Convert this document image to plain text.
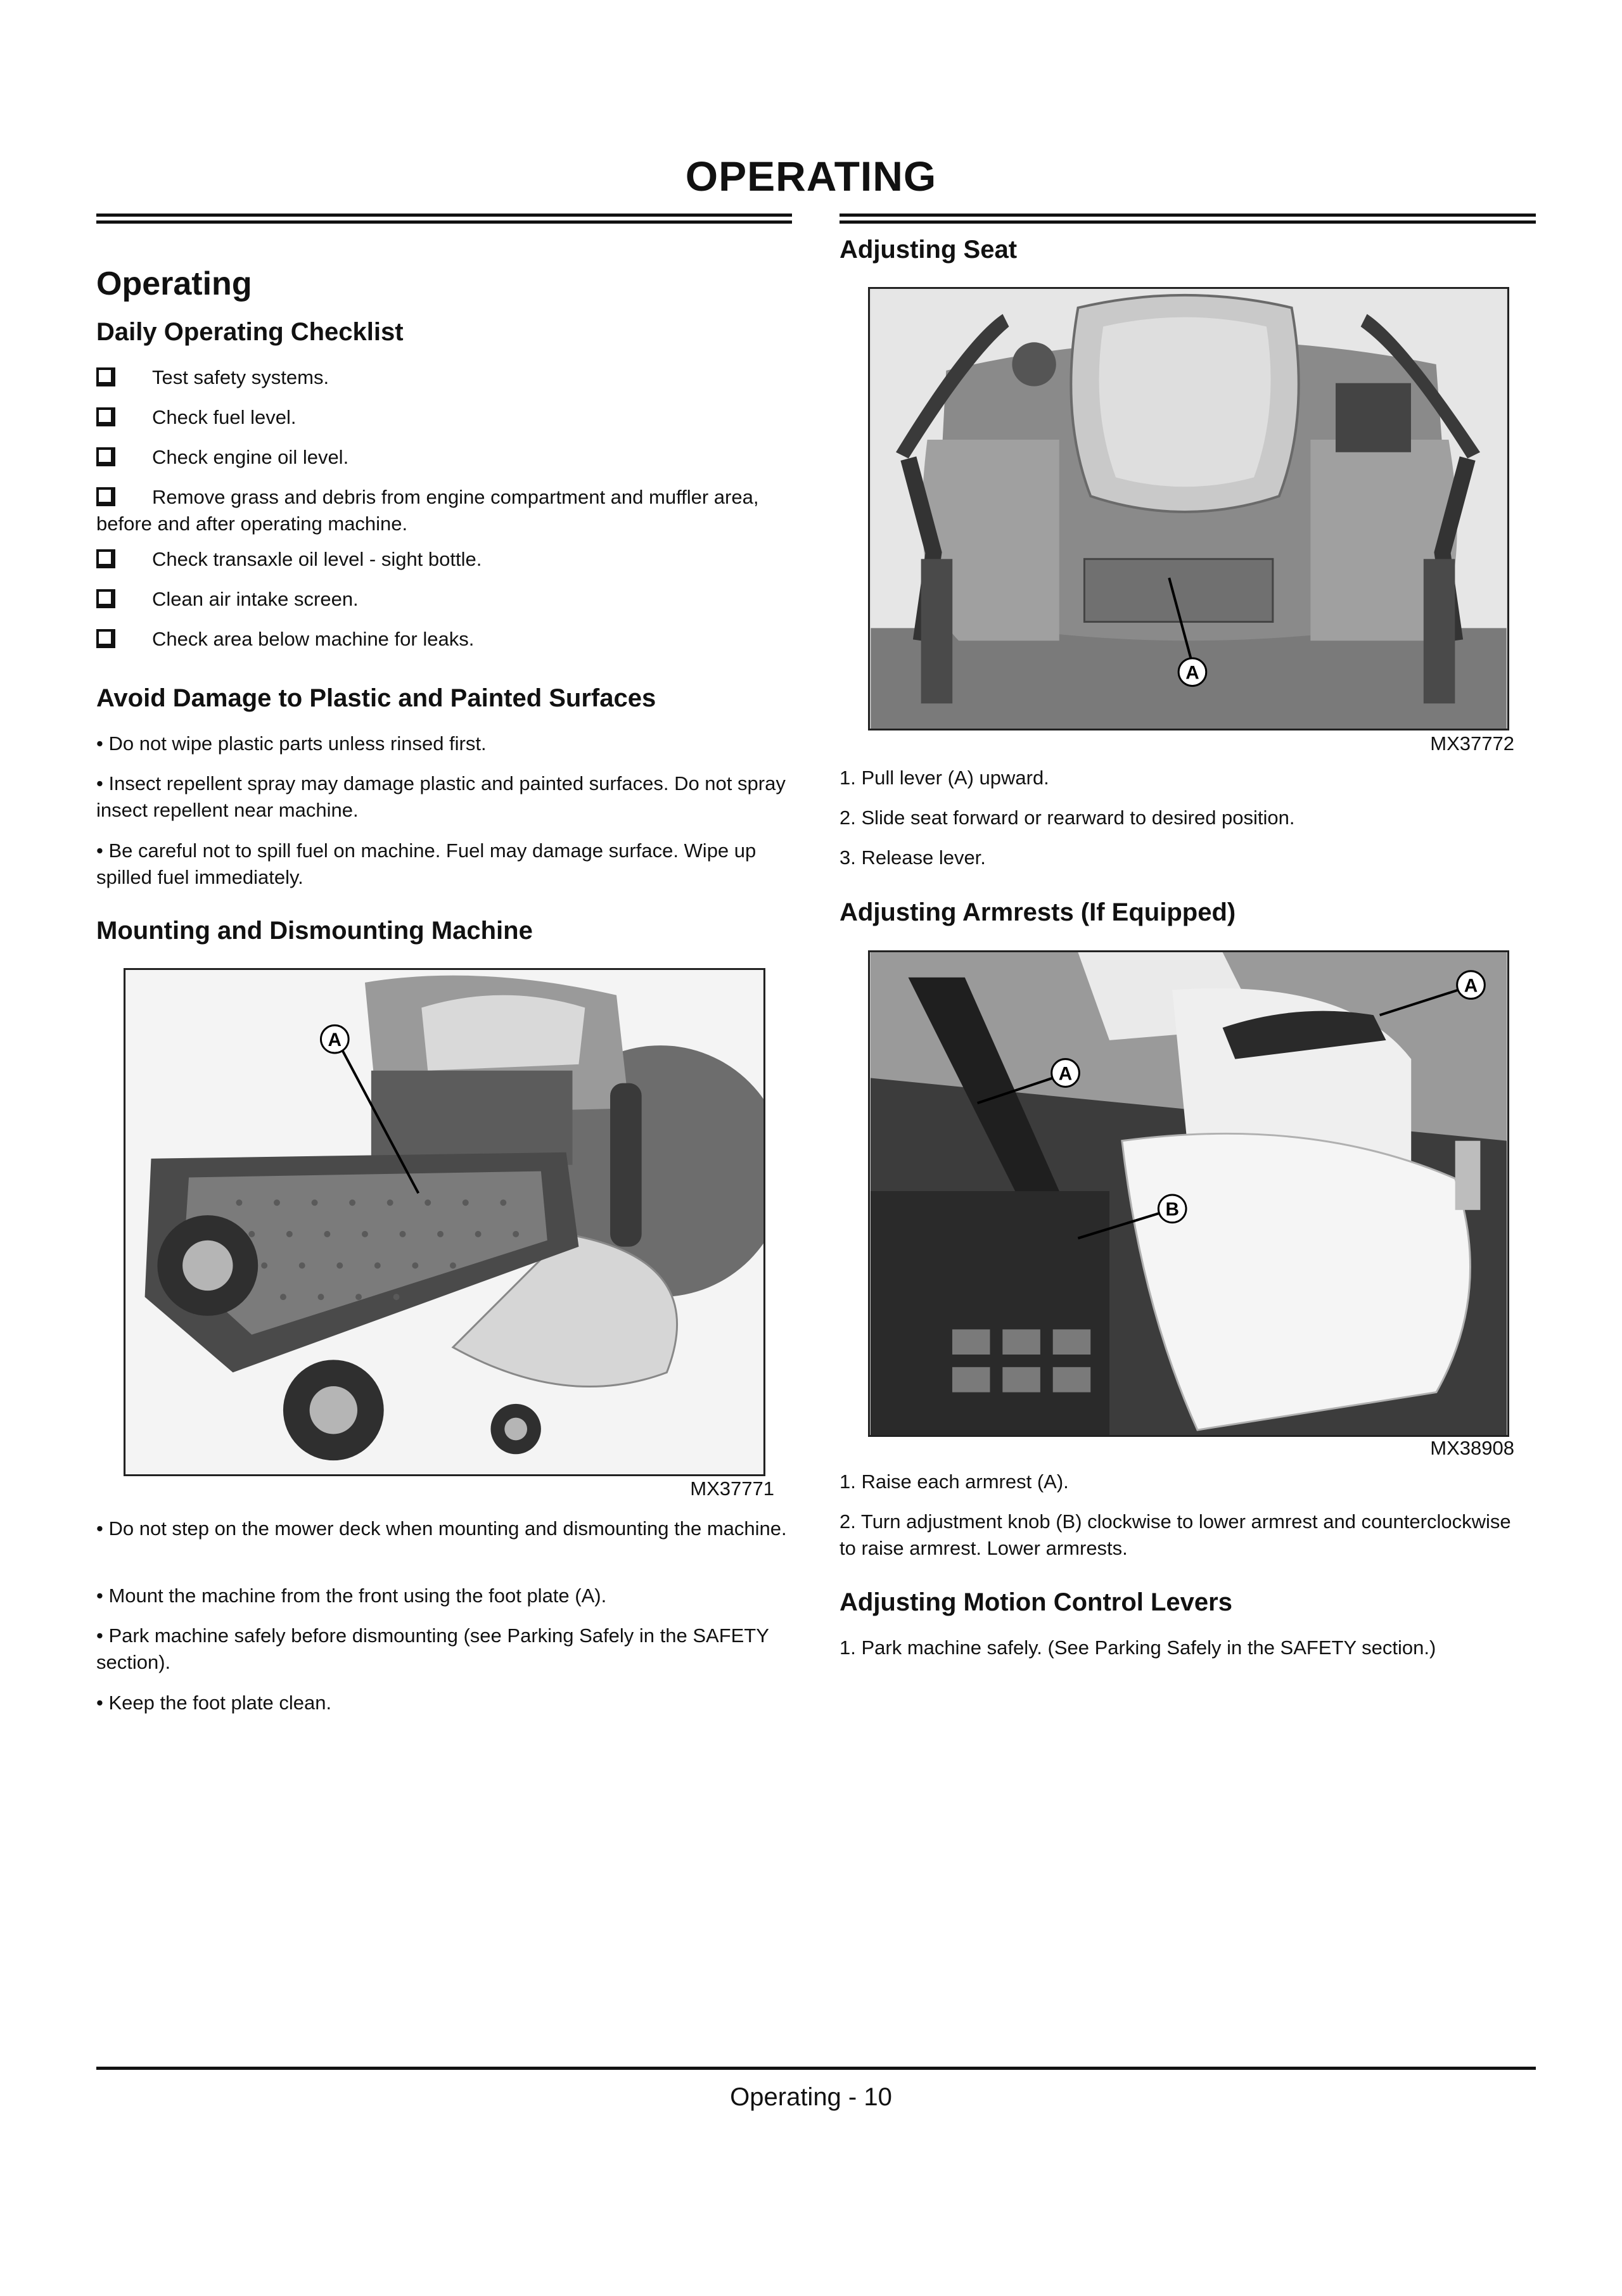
OPERATING
Operating
Daily Operating Checklist
Test safety systems.
Check fuel level.
Check engine oil level.
Remove grass and debris from engine compartment and muffler area, before and after operating machine.
Check transaxle oil level - sight bottle.
Clean air intake screen.
Check area below machine for leaks.
Avoid Damage to Plastic and Painted Surfaces

• Do not wipe plastic parts unless rinsed first.

• Insect repellent spray may damage plastic and painted surfaces. Do not spray insect repellent near machine.

• Be careful not to spill fuel on machine. Fuel may damage surface. Wipe up spilled fuel immediately.

Mounting and Dismounting Machine
A
MX37771

• Do not step on the mower deck when mounting and dismounting the machine.

• Mount the machine from the front using the foot plate (A).

• Park machine safely before dismounting (see Parking Safely in the SAFETY section).

• Keep the foot plate clean.

Adjusting Seat
A
MX37772

1. Pull lever (A) upward.

2. Slide seat forward or rearward to desired position.

3. Release lever.

Adjusting Armrests (If Equipped)
A
A
B
MX38908

1. Raise each armrest (A).

2. Turn adjustment knob (B) clockwise to lower armrest and counterclockwise to raise armrest. Lower armrests.

Adjusting Motion Control Levers

1. Park machine safely. (See Parking Safely in the SAFETY section.)

Operating - 10
